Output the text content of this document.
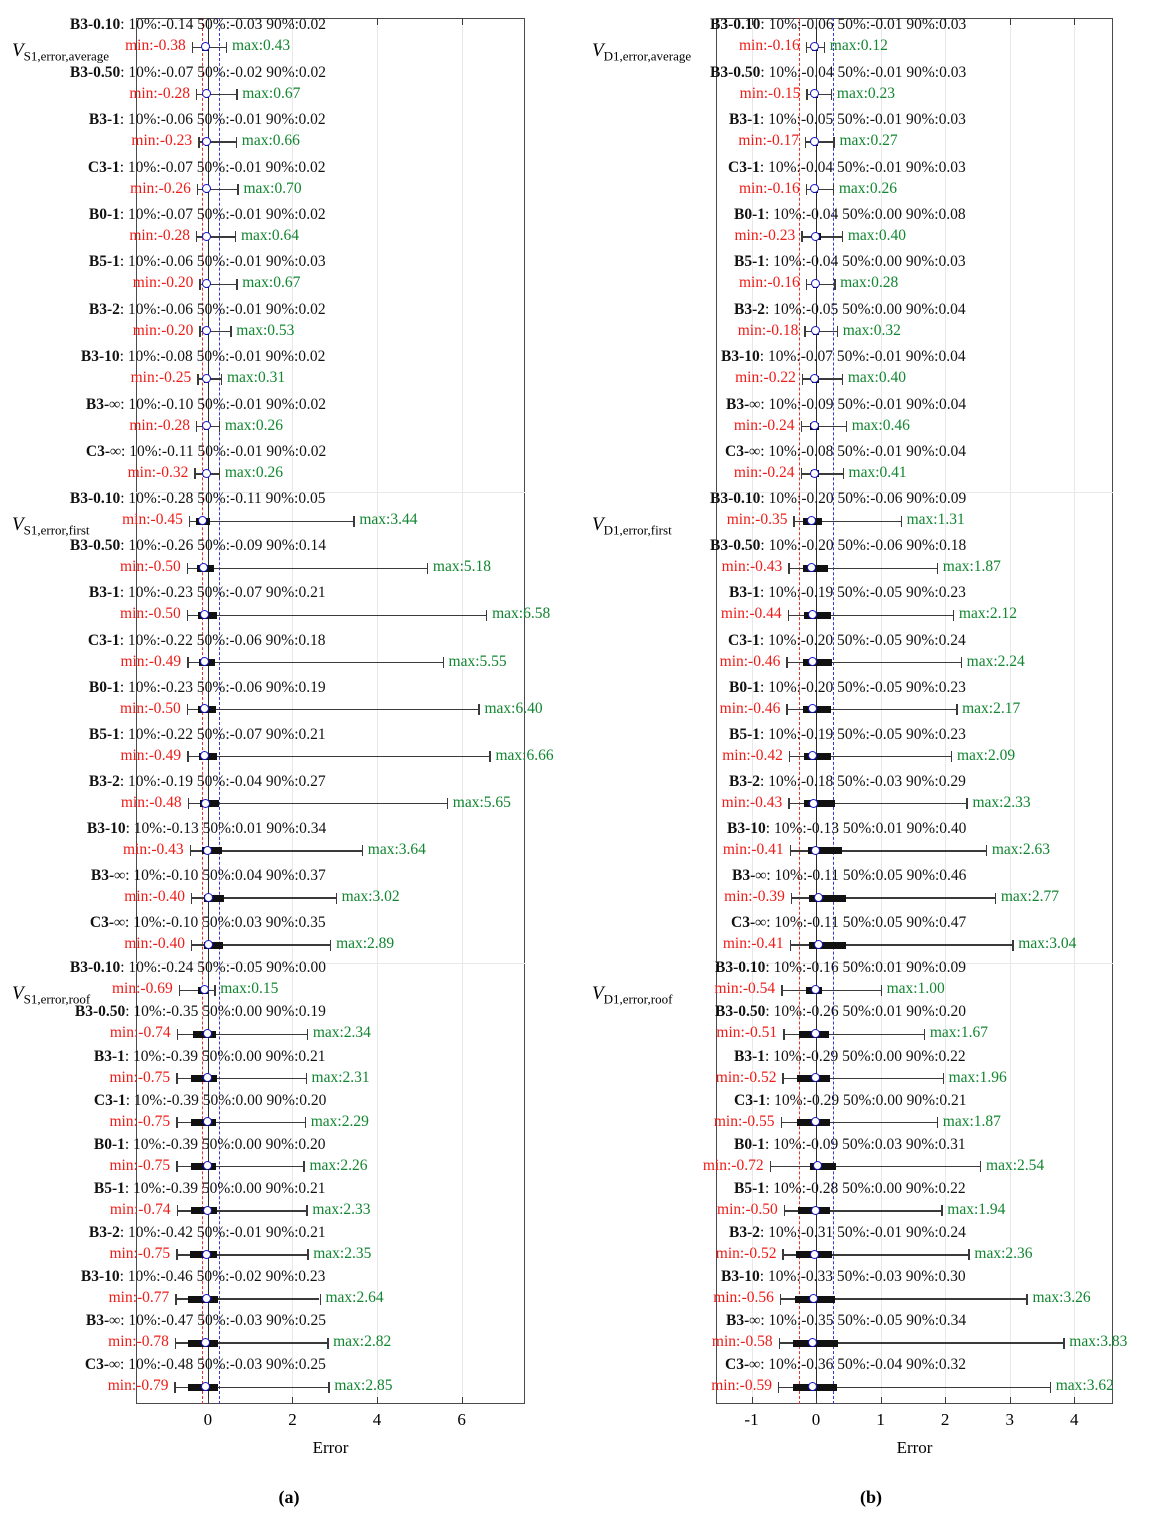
0	2	4	6
Error
(a)
$V_{S1,error,average}$
B3-0.10: 10%:-0.14 50%:-0.03 90%:0.02
min:-0.38	max:0.43
B3-0.50: 10%:-0.07 50%:-0.02 90%:0.02
min:-0.28	max:0.67
B3-1: 10%:-0.06 50%:-0.01 90%:0.02
min:-0.23	max:0.66
C3-1: 10%:-0.07 50%:-0.01 90%:0.02
min:-0.26	max:0.70
B0-1: 10%:-0.07 50%:-0.01 90%:0.02
min:-0.28	max:0.64
B5-1: 10%:-0.06 50%:-0.01 90%:0.03
min:-0.20	max:0.67
B3-2: 10%:-0.06 50%:-0.01 90%:0.02
min:-0.20	max:0.53
B3-10: 10%:-0.08 50%:-0.01 90%:0.02
min:-0.25 max:0.31
B3-∞: 10%:-0.10 50%:-0.01 90%:0.02
min:-0.28 max:0.26
C3-∞: 10%:-0.11 50%:-0.01 90%:0.02
min:-0.32 max:0.26
$V_{S1,error,first}$
B3-0.10: 10%:-0.28 50%:-0.11 90%:0.05
min:-0.45	max:3.44
B3-0.50: 10%:-0.26 50%:-0.09 90%:0.14
min:-0.50	max:5.18
B3-1: 10%:-0.23 50%:-0.07 90%:0.21
min:-0.50	max:6.58
C3-1: 10%:-0.22 50%:-0.06 90%:0.18
min:-0.49	max:5.55
B0-1: 10%:-0.23 50%:-0.06 90%:0.19
min:-0.50	max:6.40
B5-1: 10%:-0.22 50%:-0.07 90%:0.21
min:-0.49	max:6.66
B3-2: 10%:-0.19 50%:-0.04 90%:0.27
min:-0.48	max:5.65
B3-10: 10%:-0.13 50%:0.01 90%:0.34
min:-0.43	max:3.64
B3-∞: 10%:-0.10 50%:0.04 90%:0.37
min:-0.40	max:3.02
C3-∞: 10%:-0.10 50%:0.03 90%:0.35
min:-0.40	max:2.89
$V_{S1,error,roof}$
B3-0.10: 10%:-0.24 50%:-0.05 90%:0.00
min:-0.69	max:0.15
B3-0.50: 10%:-0.35 50%:0.00 90%:0.19
min:-0.74	max:2.34
B3-1: 10%:-0.39 50%:0.00 90%:0.21
min:-0.75	max:2.31
C3-1: 10%:-0.39 50%:0.00 90%:0.20
min:-0.75	max:2.29
B0-1: 10%:-0.39 50%:0.00 90%:0.20
min:-0.75	max:2.26
B5-1: 10%:-0.39 50%:0.00 90%:0.21
min:-0.74	max:2.33
B3-2: 10%:-0.42 50%:-0.01 90%:0.21
min:-0.75	max:2.35
B3-10: 10%:-0.46 50%:-0.02 90%:0.23
min:-0.77	max:2.64
B3-∞: 10%:-0.47 50%:-0.03 90%:0.25
min:-0.78	max:2.82
C3-∞: 10%:-0.48 50%:-0.03 90%:0.25
min:-0.79	max:2.85
-1	0	1	2	3	4
Error
(b)
$V_{D1,error,average}$
B3-0.10: 10%:-0.06 50%:-0.01 90%:0.03
min:-0.16 max:0.12
B3-0.50: 10%:-0.04 50%:-0.01 90%:0.03
min:-0.15 max:0.23
B3-1: 10%:-0.05 50%:-0.01 90%:0.03
min:-0.17	max:0.27
C3-1: 10%:-0.04 50%:-0.01 90%:0.03
min:-0.16	max:0.26
B0-1: 10%:-0.04 50%:0.00 90%:0.08
min:-0.23	max:0.40
B5-1: 10%:-0.04 50%:0.00 90%:0.03
min:-0.16	max:0.28
B3-2: 10%:-0.05 50%:0.00 90%:0.04
min:-0.18	max:0.32
B3-10: 10%:-0.07 50%:-0.01 90%:0.04
min:-0.22	max:0.40
B3-∞: 10%:-0.09 50%:-0.01 90%:0.04
min:-0.24	max:0.46
C3-∞: 10%:-0.08 50%:-0.01 90%:0.04
min:-0.24	max:0.41
$V_{D1,error,first}$
B3-0.10: 10%:-0.20 50%:-0.06 90%:0.09
min:-0.35	max:1.31
B3-0.50: 10%:-0.20 50%:-0.06 90%:0.18
min:-0.43	max:1.87
B3-1: 10%:-0.19 50%:-0.05 90%:0.23
min:-0.44	max:2.12
C3-1: 10%:-0.20 50%:-0.05 90%:0.24
min:-0.46	max:2.24
B0-1: 10%:-0.20 50%:-0.05 90%:0.23
min:-0.46	max:2.17
B5-1: 10%:-0.19 50%:-0.05 90%:0.23
min:-0.42	max:2.09
B3-2: 10%:-0.18 50%:-0.03 90%:0.29
min:-0.43	max:2.33
B3-10: 10%:-0.13 50%:0.01 90%:0.40
min:-0.41	max:2.63
B3-∞: 10%:-0.11 50%:0.05 90%:0.46
min:-0.39	max:2.77
C3-∞: 10%:-0.11 50%:0.05 90%:0.47
min:-0.41	max:3.04
$V_{D1,error,roof}$
B3-0.10: 10%:-0.16 50%:0.01 90%:0.09
min:-0.54	max:1.00
B3-0.50: 10%:-0.26 50%:0.01 90%:0.20
min:-0.51	max:1.67
B3-1: 10%:-0.29 50%:0.00 90%:0.22
min:-0.52	max:1.96
C3-1: 10%:-0.29 50%:0.00 90%:0.21
min:-0.55	max:1.87
B0-1: 10%:-0.09 50%:0.03 90%:0.31
min:-0.72	max:2.54
B5-1: 10%:-0.28 50%:0.00 90%:0.22
min:-0.50	max:1.94
B3-2: 10%:-0.31 50%:-0.01 90%:0.24
min:-0.52	max:2.36
B3-10: 10%:-0.33 50%:-0.03 90%:0.30
min:-0.56	max:3.26
B3-∞: 10%:-0.35 50%:-0.05 90%:0.34
min:-0.58	max:3.83
C3-∞: 10%:-0.36 50%:-0.04 90%:0.32
min:-0.59	max:3.62
